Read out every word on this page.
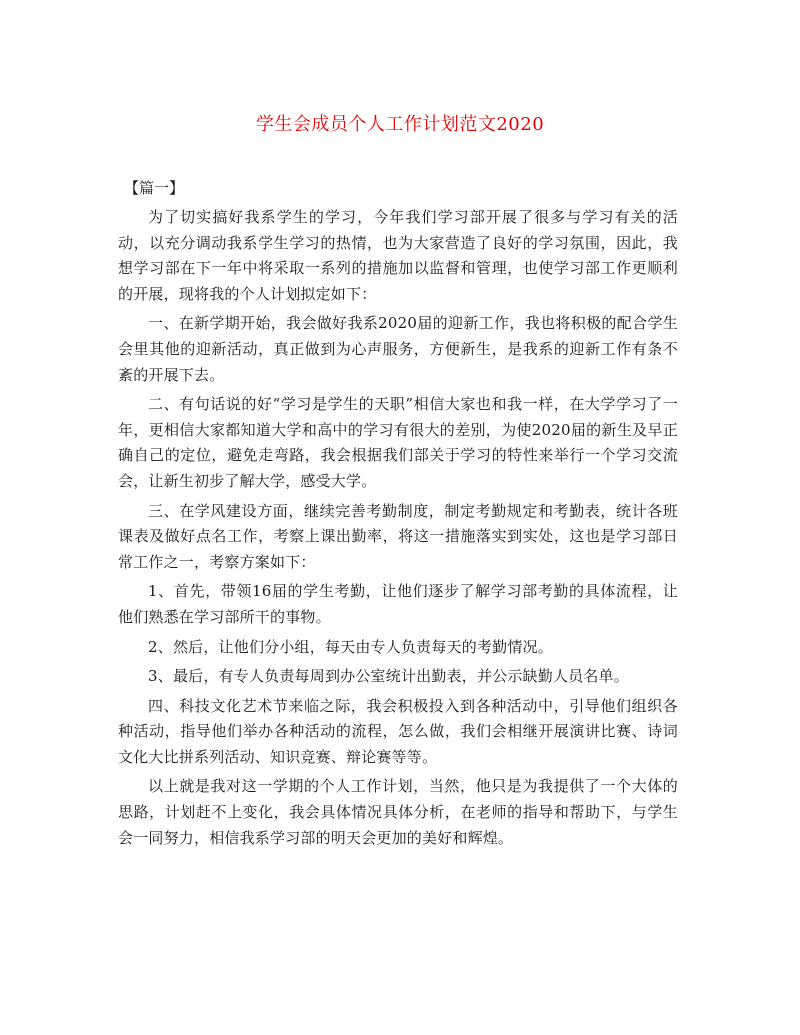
学生会成员个人工作计划范文2020
【篇一】

为了切实搞好我系学生的学习，今年我们学习部开展了很多与学习有关的活动，以充分调动我系学生学习的热情，也为大家营造了良好的学习氛围，因此，我想学习部在下一年中将采取一系列的措施加以监督和管理，也使学习部工作更顺利的开展，现将我的个人计划拟定如下：

一、在新学期开始，我会做好我系2020届的迎新工作，我也将积极的配合学生会里其他的迎新活动，真正做到为心声服务，方便新生，是我系的迎新工作有条不紊的开展下去。

二、有句话说的好“学习是学生的天职”相信大家也和我一样，在大学学习了一年，更相信大家都知道大学和高中的学习有很大的差别，为使2020届的新生及早正确自己的定位，避免走弯路，我会根据我们部关于学习的特性来举行一个学习交流会，让新生初步了解大学，感受大学。

三、在学风建设方面，继续完善考勤制度，制定考勤规定和考勤表，统计各班课表及做好点名工作，考察上课出勤率，将这一措施落实到实处，这也是学习部日常工作之一，考察方案如下：

1、首先，带领16届的学生考勤，让他们逐步了解学习部考勤的具体流程，让他们熟悉在学习部所干的事物。

2、然后，让他们分小组，每天由专人负责每天的考勤情况。

3、最后，有专人负责每周到办公室统计出勤表，并公示缺勤人员名单。

四、科技文化艺术节来临之际，我会积极投入到各种活动中，引导他们组织各种活动，指导他们举办各种活动的流程，怎么做，我们会相继开展演讲比赛、诗词文化大比拼系列活动、知识竞赛、辩论赛等等。

以上就是我对这一学期的个人工作计划，当然，他只是为我提供了一个大体的思路，计划赶不上变化，我会具体情况具体分析，在老师的指导和帮助下，与学生会一同努力，相信我系学习部的明天会更加的美好和辉煌。
